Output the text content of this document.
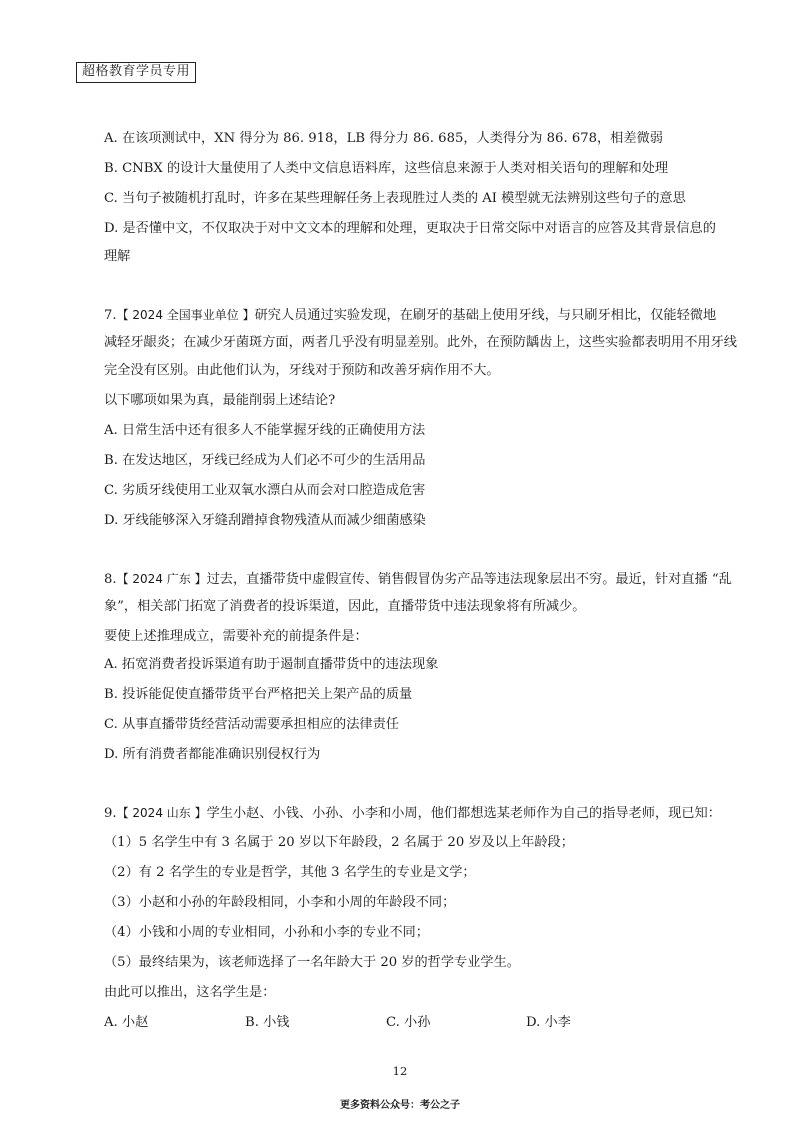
超格教育学员专用
A. 在该项测试中，XN 得分为 86. 918，LB 得分力 86. 685，人类得分为 86. 678，相差微弱
B. CNBX 的设计大量使用了人类中文信息语料库，这些信息来源于人类对相关语句的理解和处理
C. 当句子被随机打乱时，许多在某些理解任务上表现胜过人类的 AI 模型就无法辨别这些句子的意思
D. 是否懂中文，不仅取决于对中文文本的理解和处理，更取决于日常交际中对语言的应答及其背景信息的
理解
7.【 2024 全国事业单位 】研究人员通过实验发现，在刷牙的基础上使用牙线，与只刷牙相比，仅能轻微地
减轻牙龈炎；在减少牙菌斑方面，两者几乎没有明显差别。此外，在预防龋齿上，这些实验都表明用不用牙线
完全没有区别。由此他们认为，牙线对于预防和改善牙病作用不大。
以下哪项如果为真，最能削弱上述结论?
A. 日常生活中还有很多人不能掌握牙线的正确使用方法
B. 在发达地区，牙线已经成为人们必不可少的生活用品
C. 劣质牙线使用工业双氧水漂白从而会对口腔造成危害
D. 牙线能够深入牙缝刮蹭掉食物残渣从而减少细菌感染
8.【 2024 广东 】过去，直播带货中虚假宣传、销售假冒伪劣产品等违法现象层出不穷。最近，针对直播 “乱
象”，相关部门拓宽了消费者的投诉渠道，因此，直播带货中违法现象将有所减少。
要使上述推理成立，需要补充的前提条件是：
A. 拓宽消费者投诉渠道有助于遏制直播带货中的违法现象
B. 投诉能促使直播带货平台严格把关上架产品的质量
C. 从事直播带货经营活动需要承担相应的法律责任
D. 所有消费者都能准确识别侵权行为
9.【 2024 山东 】学生小赵、小钱、小孙、小李和小周，他们都想选某老师作为自己的指导老师，现已知：
（1）5 名学生中有 3 名属于 20 岁以下年龄段，2 名属于 20 岁及以上年龄段；
（2）有 2 名学生的专业是哲学，其他 3 名学生的专业是文学；
（3）小赵和小孙的年龄段相同，小李和小周的年龄段不同；
（4）小钱和小周的专业相同，小孙和小李的专业不同；
（5）最终结果为，该老师选择了一名年龄大于 20 岁的哲学专业学生。
由此可以推出，这名学生是：
A. 小赵	B. 小钱	C. 小孙	D. 小李
12
更多资料公众号：考公之子
